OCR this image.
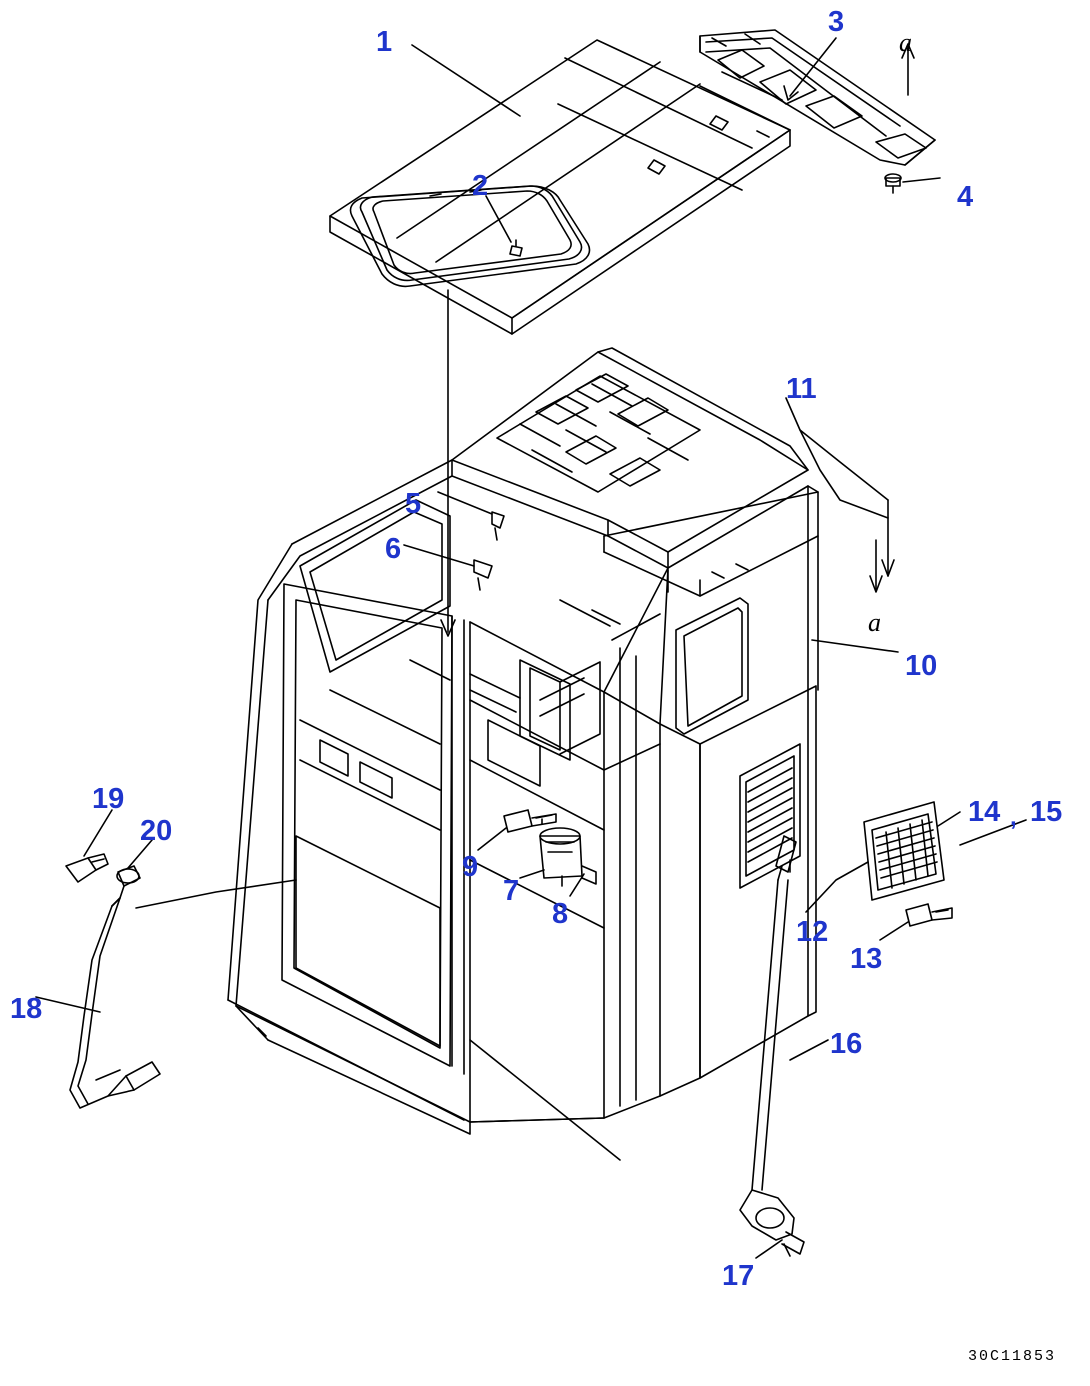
1
2
3
4
5
6
7
8
9
10
11
12
13
14 15
16
17
18
19
20
a
a
,
30C11853
